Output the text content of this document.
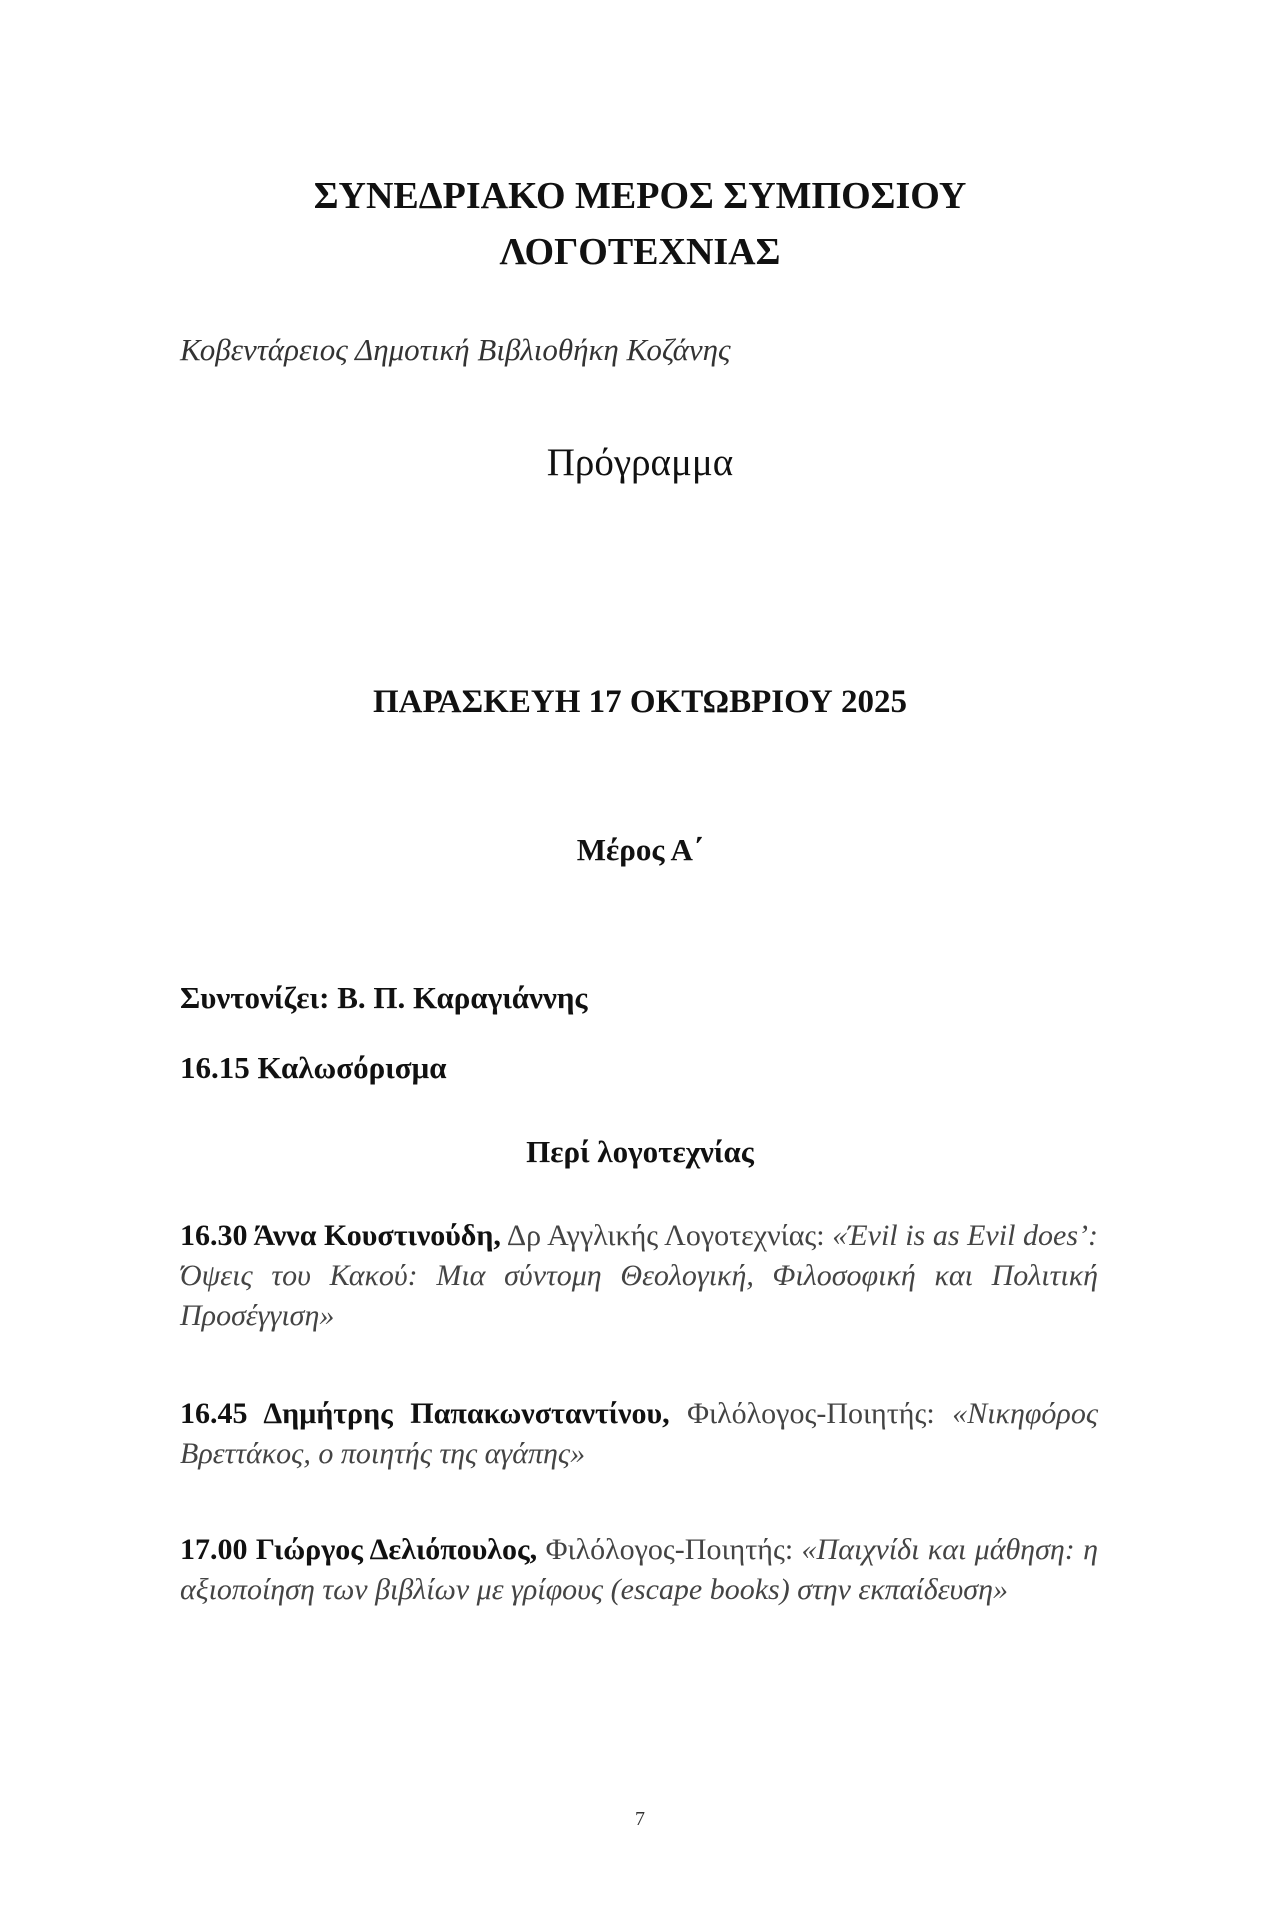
ΣΥΝΕΔΡΙΑΚΟ ΜΕΡΟΣ ΣΥΜΠΟΣΙΟΥ
ΛΟΓΟΤΕΧΝΙΑΣ

Κοβεντάρειος Δημοτική Βιβλιοθήκη Κοζάνης

Πρόγραμμα

ΠΑΡΑΣΚΕΥΗ 17 ΟΚΤΩΒΡΙΟΥ 2025

Μέρος Α΄

Συντονίζει: Β. Π. Καραγιάννης

16.15 Καλωσόρισμα

Περί λογοτεχνίας

16.30 Άννα Κουστινούδη, Δρ Αγγλικής Λογοτεχνίας: «Έvil is as Evil does’: Όψεις του Κακού: Μια σύντομη Θεολογική, Φιλοσοφική και Πολιτική Προσέγγιση»

16.45 Δημήτρης Παπακωνσταντίνου, Φιλόλογος-Ποιητής: «Νικηφόρος Βρεττάκος, ο ποιητής της αγάπης»

17.00 Γιώργος Δελιόπουλος, Φιλόλογος-Ποιητής: «Παιχνίδι και μάθηση: η αξιοποίηση των βιβλίων με γρίφους (escape books) στην εκπαίδευση»

7
